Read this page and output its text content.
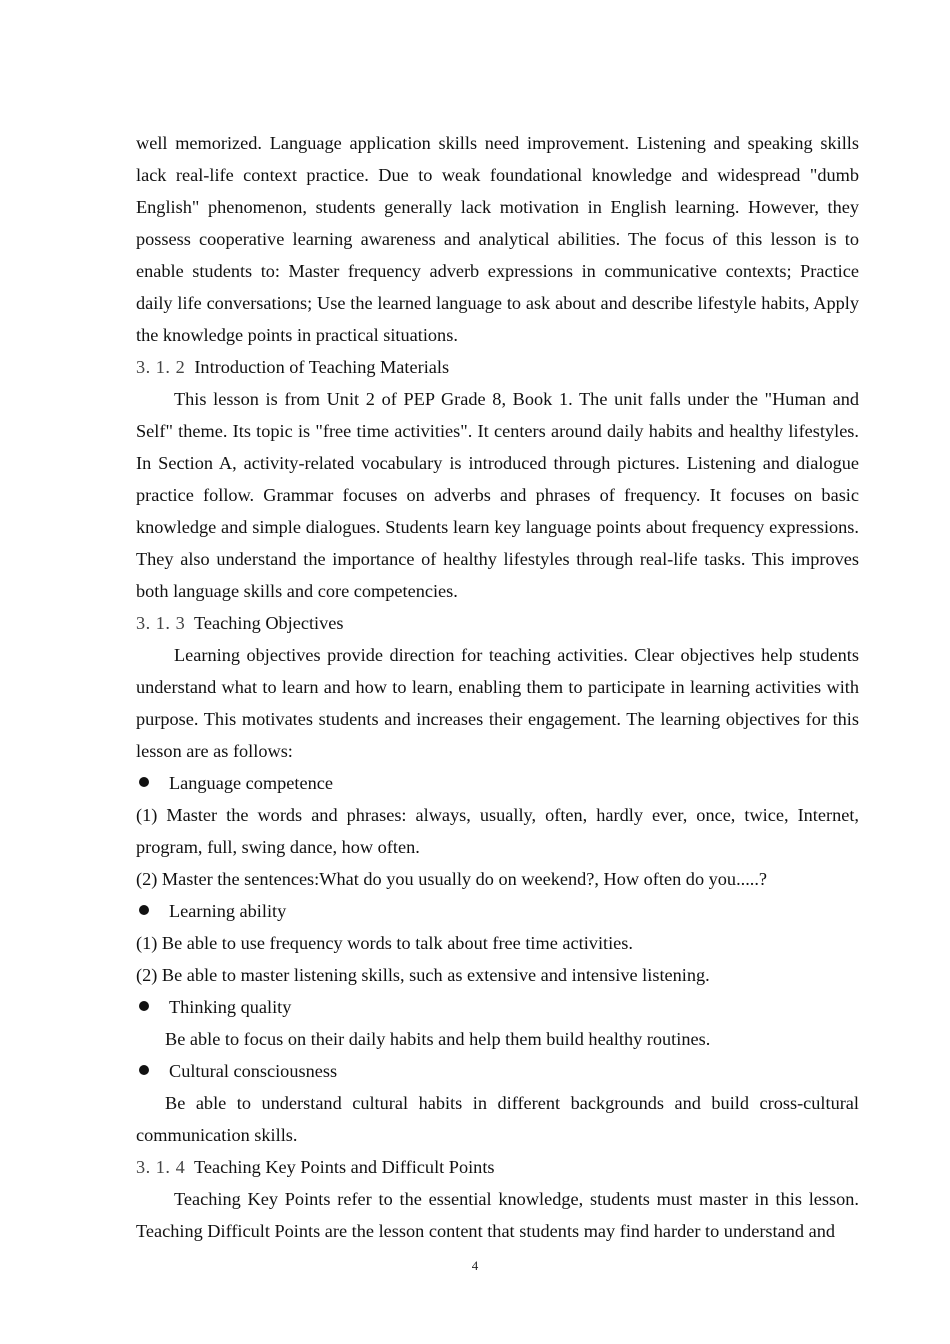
well memorized. Language application skills need improvement. Listening and speaking skills lack real-life context practice. Due to weak foundational knowledge and widespread "dumb English" phenomenon, students generally lack motivation in English learning. However, they possess cooperative learning awareness and analytical abilities. The focus of this lesson is to enable students to: Master frequency adverb expressions in communicative contexts; Practice daily life conversations; Use the learned language to ask about and describe lifestyle habits, Apply the knowledge points in practical situations.

3. 1. 2 Introduction of Teaching Materials

This lesson is from Unit 2 of PEP Grade 8, Book 1. The unit falls under the "Human and Self" theme. Its topic is "free time activities". It centers around daily habits and healthy lifestyles. In Section A, activity-related vocabulary is introduced through pictures. Listening and dialogue practice follow. Grammar focuses on adverbs and phrases of frequency. It focuses on basic knowledge and simple dialogues. Students learn key language points about frequency expressions. They also understand the importance of healthy lifestyles through real-life tasks. This improves both language skills and core competencies.

3. 1. 3 Teaching Objectives

Learning objectives provide direction for teaching activities. Clear objectives help students understand what to learn and how to learn, enabling them to participate in learning activities with purpose. This motivates students and increases their engagement. The learning objectives for this lesson are as follows:

Language competence

(1) Master the words and phrases: always, usually, often, hardly ever, once, twice, Internet, program, full, swing dance, how often.

(2) Master the sentences:What do you usually do on weekend?, How often do you.....?

Learning ability

(1) Be able to use frequency words to talk about free time activities.

(2) Be able to master listening skills, such as extensive and intensive listening.

Thinking quality

Be able to focus on their daily habits and help them build healthy routines.

Cultural consciousness

Be able to understand cultural habits in different backgrounds and build cross-cultural communication skills.

3. 1. 4 Teaching Key Points and Difficult Points

Teaching Key Points refer to the essential knowledge, students must master in this lesson. Teaching Difficult Points are the lesson content that students may find harder to understand and

4
